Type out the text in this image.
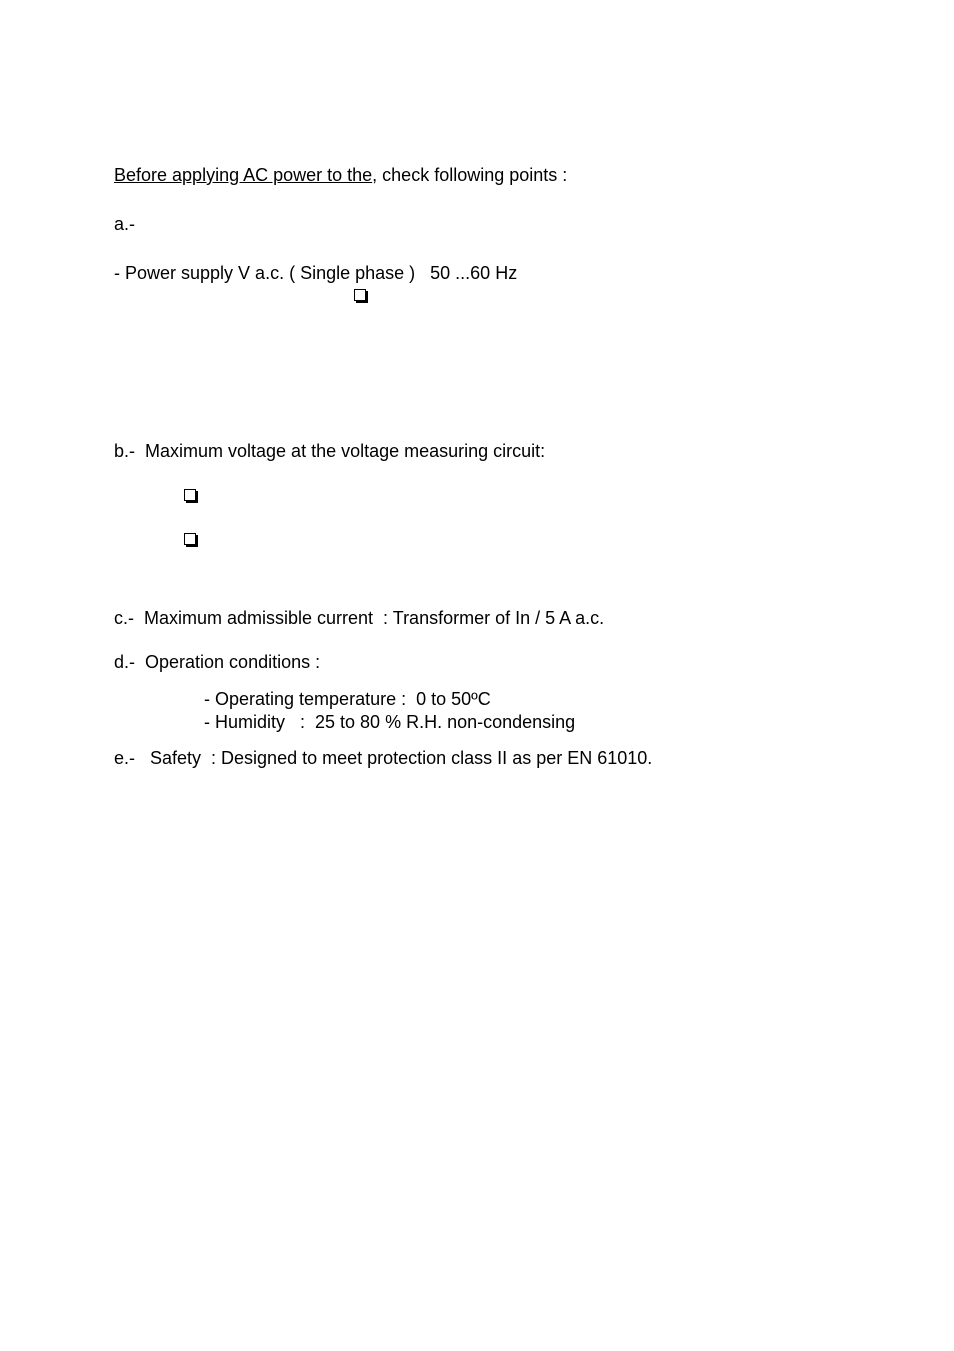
Before applying AC power to the, check following points :
a.-
- Power supply V a.c. ( Single phase )   50 ...60 Hz
b.-  Maximum voltage at the voltage measuring circuit:
c.-  Maximum admissible current  : Transformer of In / 5 A a.c.
d.-  Operation conditions :
- Operating temperature :  0 to 50ºC
- Humidity   :  25 to 80 % R.H. non-condensing
e.-   Safety  : Designed to meet protection class II as per EN 61010.
